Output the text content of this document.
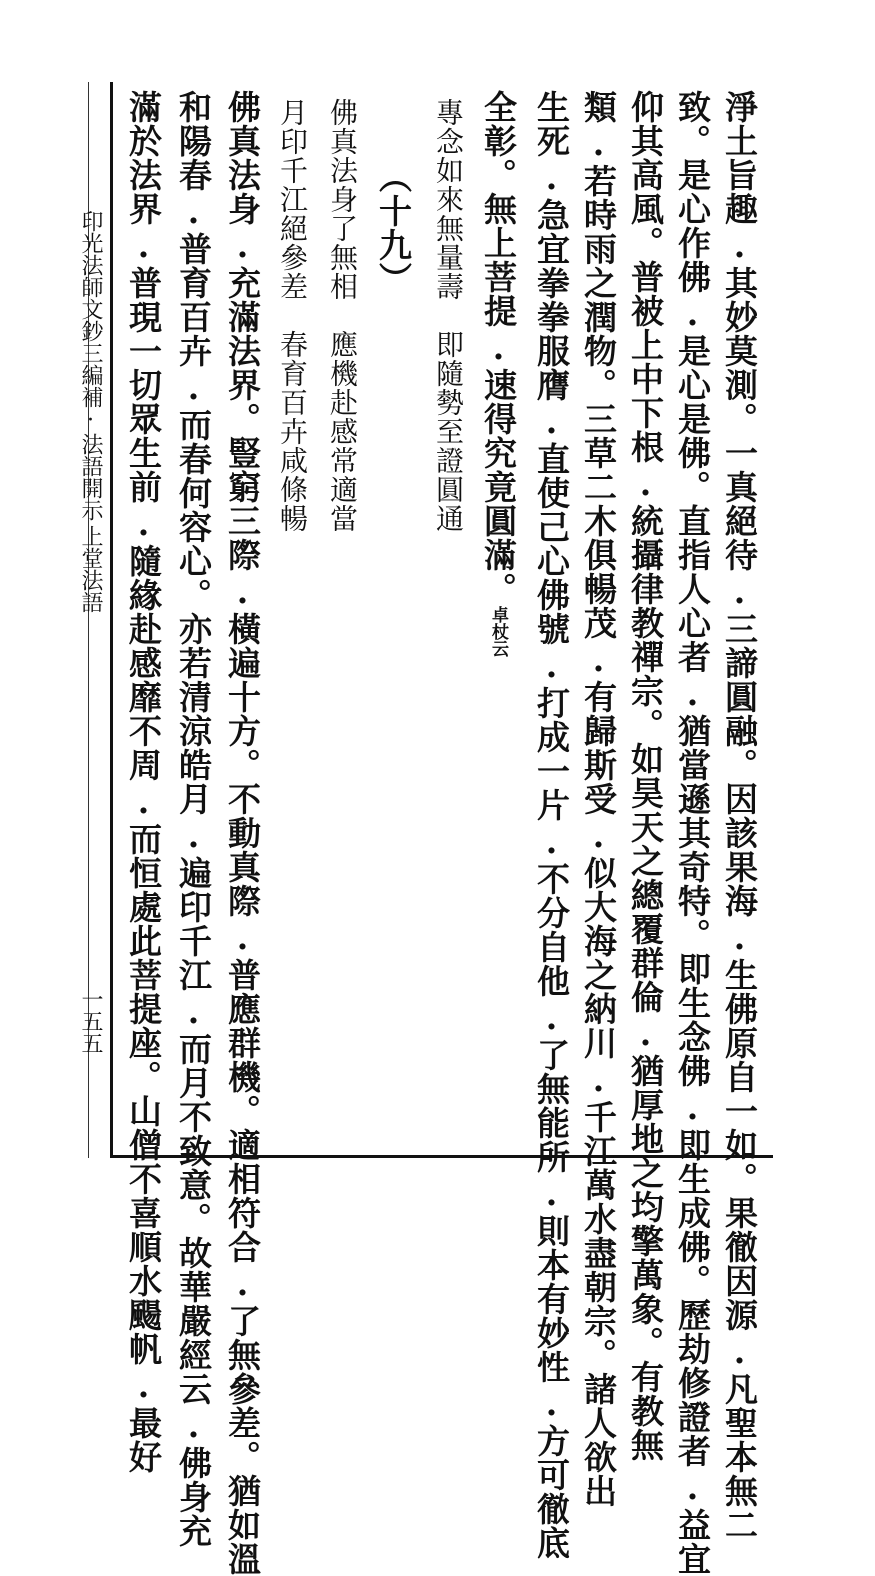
印光法師文鈔三編補·法語開示
上堂法語
一五五	淨土旨趣.其妙莫測。一真絕待.三諦圓融。因該果海.生佛原自一如。果徹因源.凡聖本無二
致。是心作佛.是心是佛。直指人心者.猶當遜其奇特。即生念佛.即生成佛。歷劫修證者.益宜
仰其高風。普被上中下根.統攝律教禪宗。如昊天之總覆群倫.猶厚地之均擎萬象。有教無
類.若時雨之潤物。三草二木俱暢茂.有歸斯受.似大海之納川.千江萬水盡朝宗。諸人欲出
生死.急宜拳拳服膺.直使己心佛號.打成一片.不分自他.了無能所.則本有妙性.方可徹底
全彰。無上菩提.速得究竟圓滿。卓杖云
專念如來無量壽　即隨勢至證圓通
（十九）
佛真法身了無相　應機赴感常適當
月印千江絕參差　春育百卉咸條暢
佛真法身.充滿法界。豎窮三際.橫遍十方。不動真際.普應群機。適相符合.了無參差。猶如溫
和陽春.普育百卉.而春何容心。亦若清涼皓月.遍印千江.而月不致意。故華嚴經云.佛身充
滿於法界.普現一切眾生前.隨緣赴感靡不周.而恒處此菩提座。山僧不喜順水颺帆.最好
